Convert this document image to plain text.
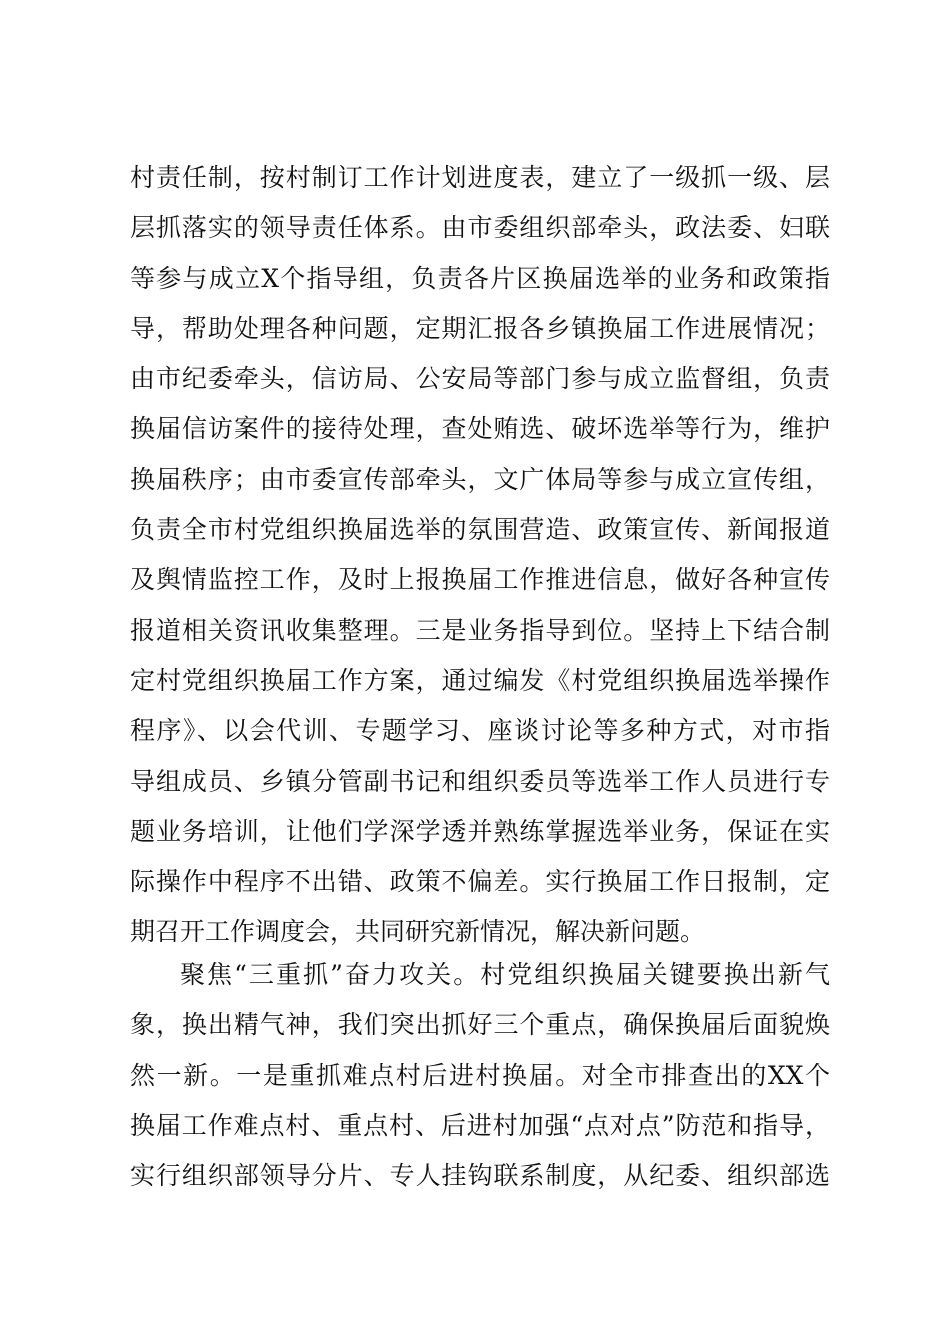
村责任制，按村制订工作计划进度表，建立了一级抓一级、层
层抓落实的领导责任体系。由市委组织部牵头，政法委、妇联
等参与成立X个指导组，负责各片区换届选举的业务和政策指
导，帮助处理各种问题，定期汇报各乡镇换届工作进展情况；
由市纪委牵头，信访局、公安局等部门参与成立监督组，负责
换届信访案件的接待处理，查处贿选、破坏选举等行为，维护
换届秩序；由市委宣传部牵头，文广体局等参与成立宣传组，
负责全市村党组织换届选举的氛围营造、政策宣传、新闻报道
及舆情监控工作，及时上报换届工作推进信息，做好各种宣传
报道相关资讯收集整理。三是业务指导到位。坚持上下结合制
定村党组织换届工作方案，通过编发《村党组织换届选举操作
程序》、以会代训、专题学习、座谈讨论等多种方式，对市指
导组成员、乡镇分管副书记和组织委员等选举工作人员进行专
题业务培训，让他们学深学透并熟练掌握选举业务，保证在实
际操作中程序不出错、政策不偏差。实行换届工作日报制，定
期召开工作调度会，共同研究新情况，解决新问题。

聚焦“三重抓”奋力攻关。村党组织换届关键要换出新气
象，换出精气神，我们突出抓好三个重点，确保换届后面貌焕
然一新。一是重抓难点村后进村换届。对全市排查出的XX个
换届工作难点村、重点村、后进村加强“点对点”防范和指导，
实行组织部领导分片、专人挂钩联系制度，从纪委、组织部选
